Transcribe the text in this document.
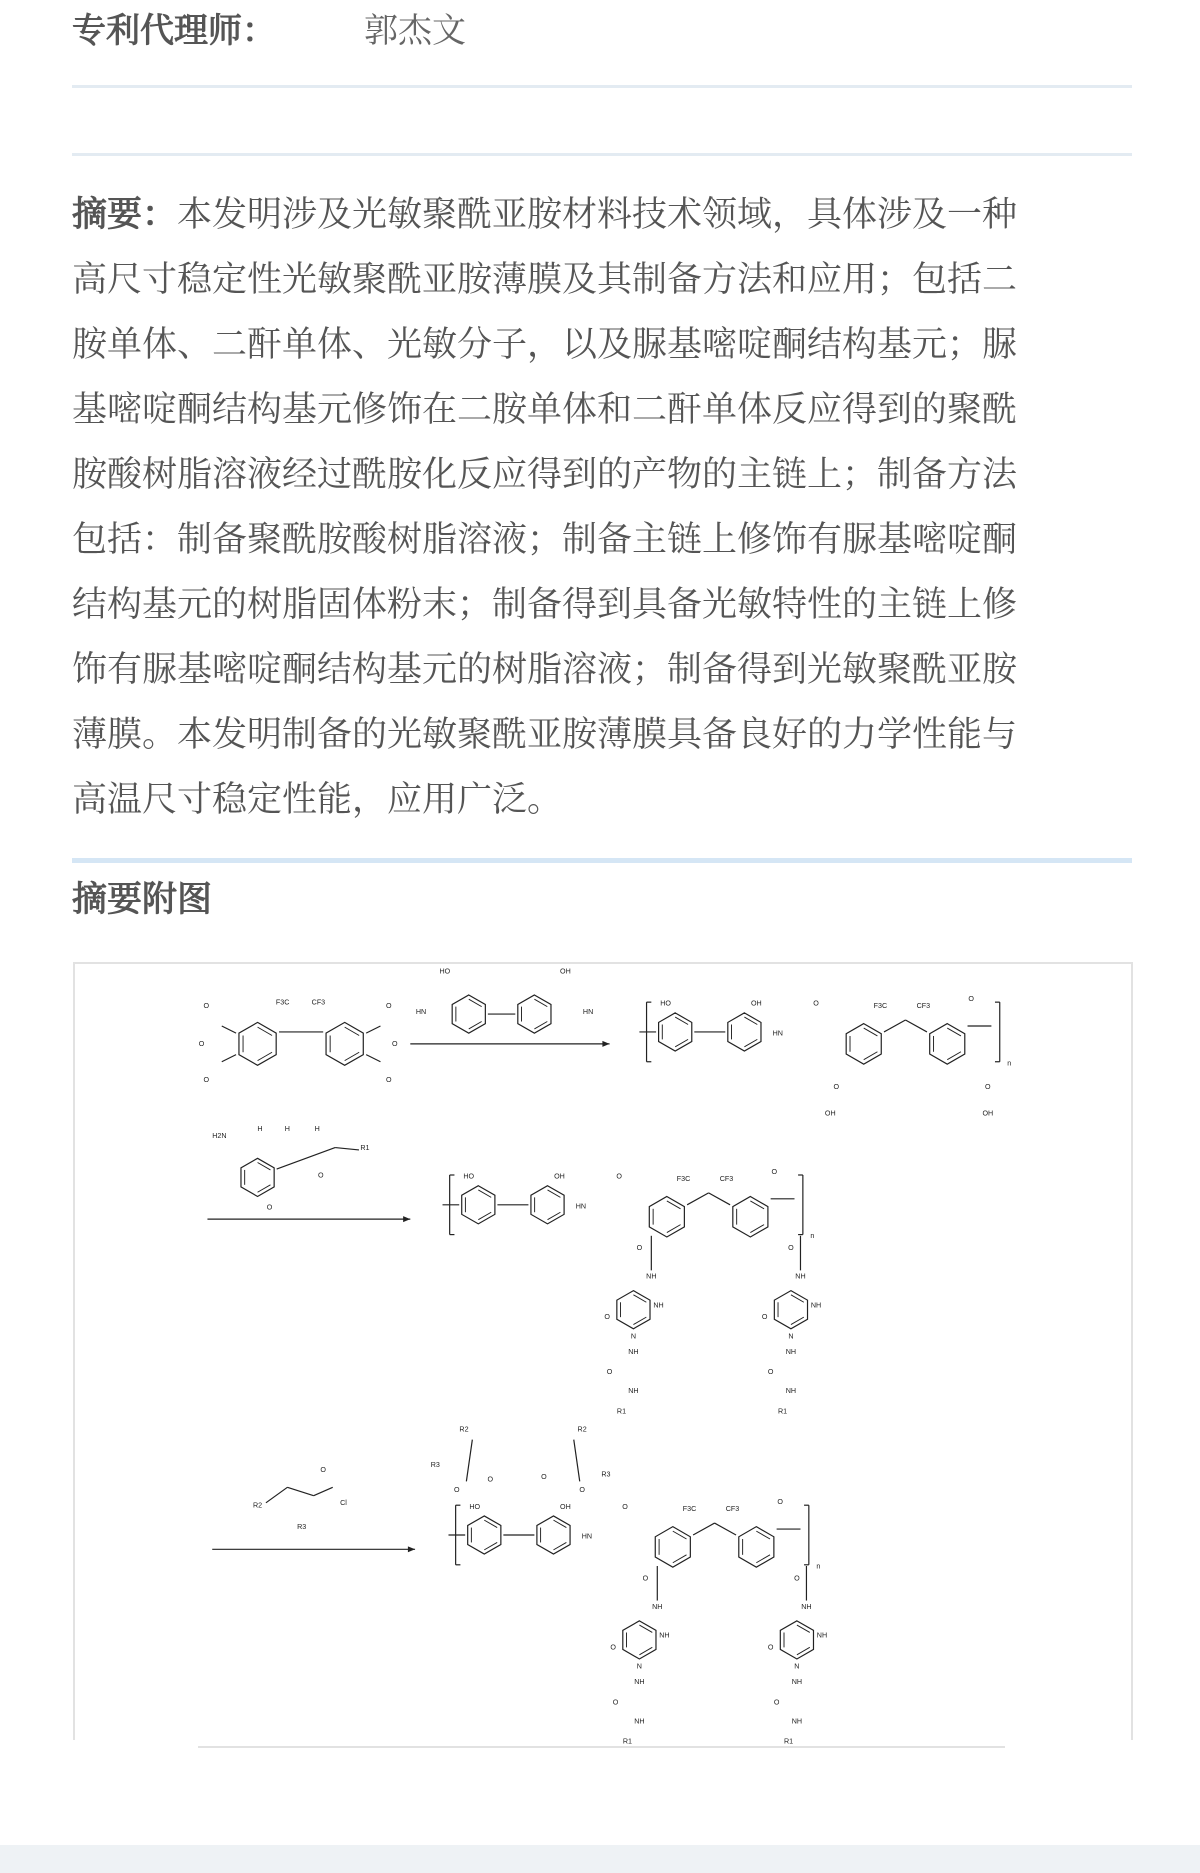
专利代理师：	郭杰文
摘要：本发明涉及光敏聚酰亚胺材料技术领域，具体涉及一种
高尺寸稳定性光敏聚酰亚胺薄膜及其制备方法和应用；包括二
胺单体、二酐单体、光敏分子，以及脲基嘧啶酮结构基元；脲
基嘧啶酮结构基元修饰在二胺单体和二酐单体反应得到的聚酰
胺酸树脂溶液经过酰胺化反应得到的产物的主链上；制备方法
包括：制备聚酰胺酸树脂溶液；制备主链上修饰有脲基嘧啶酮
结构基元的树脂固体粉末；制备得到具备光敏特性的主链上修
饰有脲基嘧啶酮结构基元的树脂溶液；制备得到光敏聚酰亚胺
薄膜。本发明制备的光敏聚酰亚胺薄膜具备良好的力学性能与
高温尺寸稳定性能，应用广泛。
摘要附图
F3C	CF3
O
O
O
O
O
O
HO	OH
HN	HN
HO	OH
HN
F3C	CF3
O
O
n
O	O
OH	OH
H2N
H	H	H
R1
O
O
HO	OH
HN
F3C	CF3
O
O
n
O	O
NH	NH
NH
O
N
NH
O
N
NH	NH
O	O
NH	NH
R1	R1
R2
R3
O
Cl
R2
R3
O
O
R2
R3
O
O
HO	OH
HN
F3C	CF3
O
O
n
O	O
NH	NH
NH
O
N
NH
O
N
NH	NH
O	O
NH	NH
R1	R1
